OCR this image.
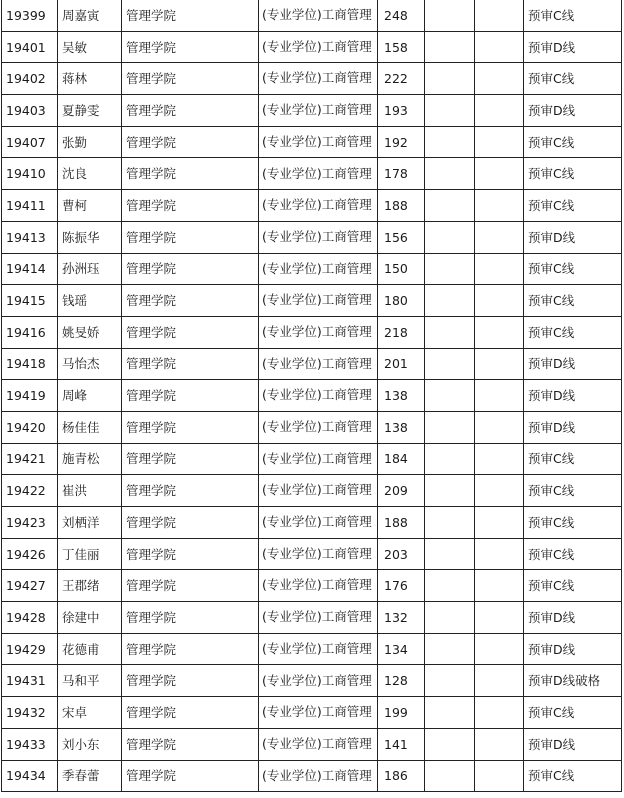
19399	周嘉寅	管理学院	(专业学位)工商管理	248			预审C线
19401	吴敏	管理学院	(专业学位)工商管理	158			预审D线
19402	蒋林	管理学院	(专业学位)工商管理	222			预审C线
19403	夏静雯	管理学院	(专业学位)工商管理	193			预审D线
19407	张勤	管理学院	(专业学位)工商管理	192			预审C线
19410	沈良	管理学院	(专业学位)工商管理	178			预审C线
19411	曹柯	管理学院	(专业学位)工商管理	188			预审C线
19413	陈振华	管理学院	(专业学位)工商管理	156			预审D线
19414	孙洲珏	管理学院	(专业学位)工商管理	150			预审C线
19415	钱瑶	管理学院	(专业学位)工商管理	180			预审C线
19416	姚旻娇	管理学院	(专业学位)工商管理	218			预审C线
19418	马怡杰	管理学院	(专业学位)工商管理	201			预审D线
19419	周峰	管理学院	(专业学位)工商管理	138			预审D线
19420	杨佳佳	管理学院	(专业学位)工商管理	138			预审D线
19421	施青松	管理学院	(专业学位)工商管理	184			预审C线
19422	崔洪	管理学院	(专业学位)工商管理	209			预审C线
19423	刘栖洋	管理学院	(专业学位)工商管理	188			预审C线
19426	丁佳丽	管理学院	(专业学位)工商管理	203			预审C线
19427	王郡绪	管理学院	(专业学位)工商管理	176			预审C线
19428	徐建中	管理学院	(专业学位)工商管理	132			预审D线
19429	花德甫	管理学院	(专业学位)工商管理	134			预审D线
19431	马和平	管理学院	(专业学位)工商管理	128			预审D线破格
19432	宋卓	管理学院	(专业学位)工商管理	199			预审C线
19433	刘小东	管理学院	(专业学位)工商管理	141			预审D线
19434	季春蕾	管理学院	(专业学位)工商管理	186			预审C线
